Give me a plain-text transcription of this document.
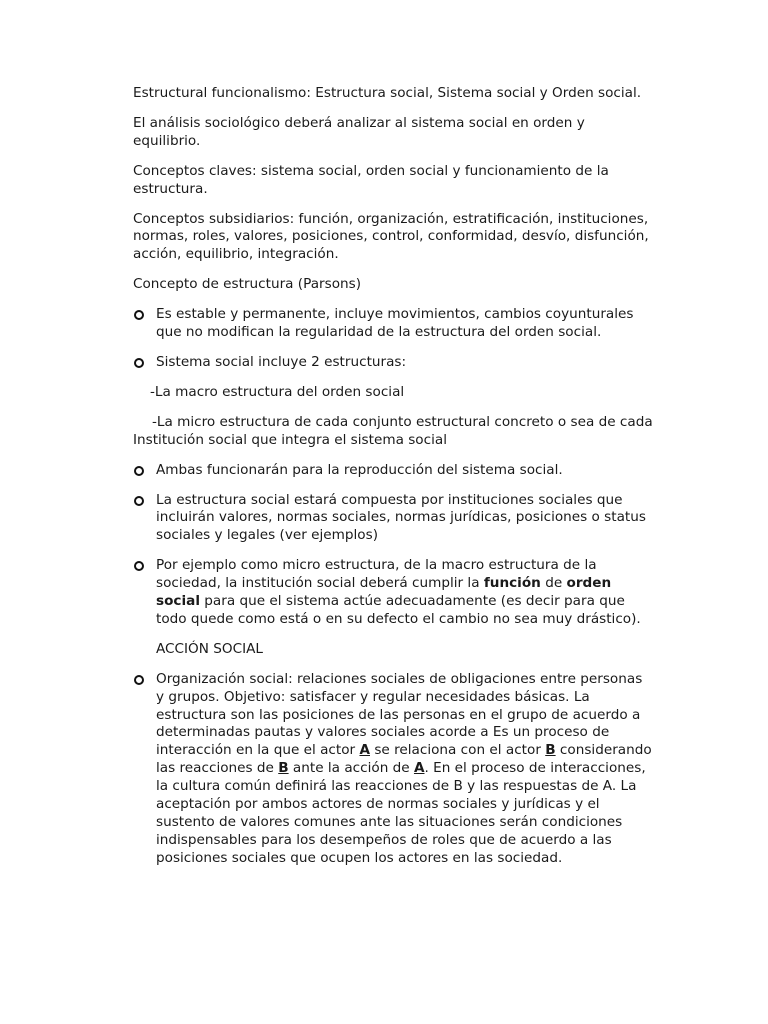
Estructural funcionalismo: Estructura social, Sistema social y Orden social.

El análisis sociológico deberá analizar al sistema social en orden y equilibrio.

Conceptos claves: sistema social, orden social y funcionamiento de la estructura.

Conceptos subsidiarios: función, organización, estratificación, instituciones, normas, roles, valores, posiciones, control, conformidad, desvío, disfunción, acción, equilibrio, integración.

Concepto de estructura (Parsons)

Es estable y permanente, incluye movimientos, cambios coyunturales que no modifican la regularidad de la estructura del orden social.

Sistema social incluye 2 estructuras:

-La macro estructura del orden social

-La micro estructura de cada conjunto estructural concreto o sea de cada Institución social que integra el sistema social

Ambas funcionarán para la reproducción del sistema social.

La estructura social estará compuesta por instituciones sociales que incluirán valores, normas sociales, normas jurídicas, posiciones o status sociales y legales (ver ejemplos)

Por ejemplo como micro estructura, de la macro estructura de la sociedad, la institución social deberá cumplir la función de orden social para que el sistema actúe adecuadamente (es decir para que todo quede como está o en su defecto el cambio no sea muy drástico).

ACCIÓN SOCIAL

Organización social: relaciones sociales de obligaciones entre personas y grupos. Objetivo: satisfacer y regular necesidades básicas. La estructura son las posiciones de las personas en el grupo de acuerdo a determinadas pautas y valores sociales acorde a Es un proceso de interacción en la que el actor A se relaciona con el actor B considerando las reacciones de B ante la acción de A. En el proceso de interacciones, la cultura común definirá las reacciones de B y las respuestas de A. La aceptación por ambos actores de normas sociales y jurídicas y el sustento de valores comunes ante las situaciones serán condiciones indispensables para los desempeños de roles que de acuerdo a las posiciones sociales que ocupen los actores en las sociedad.
